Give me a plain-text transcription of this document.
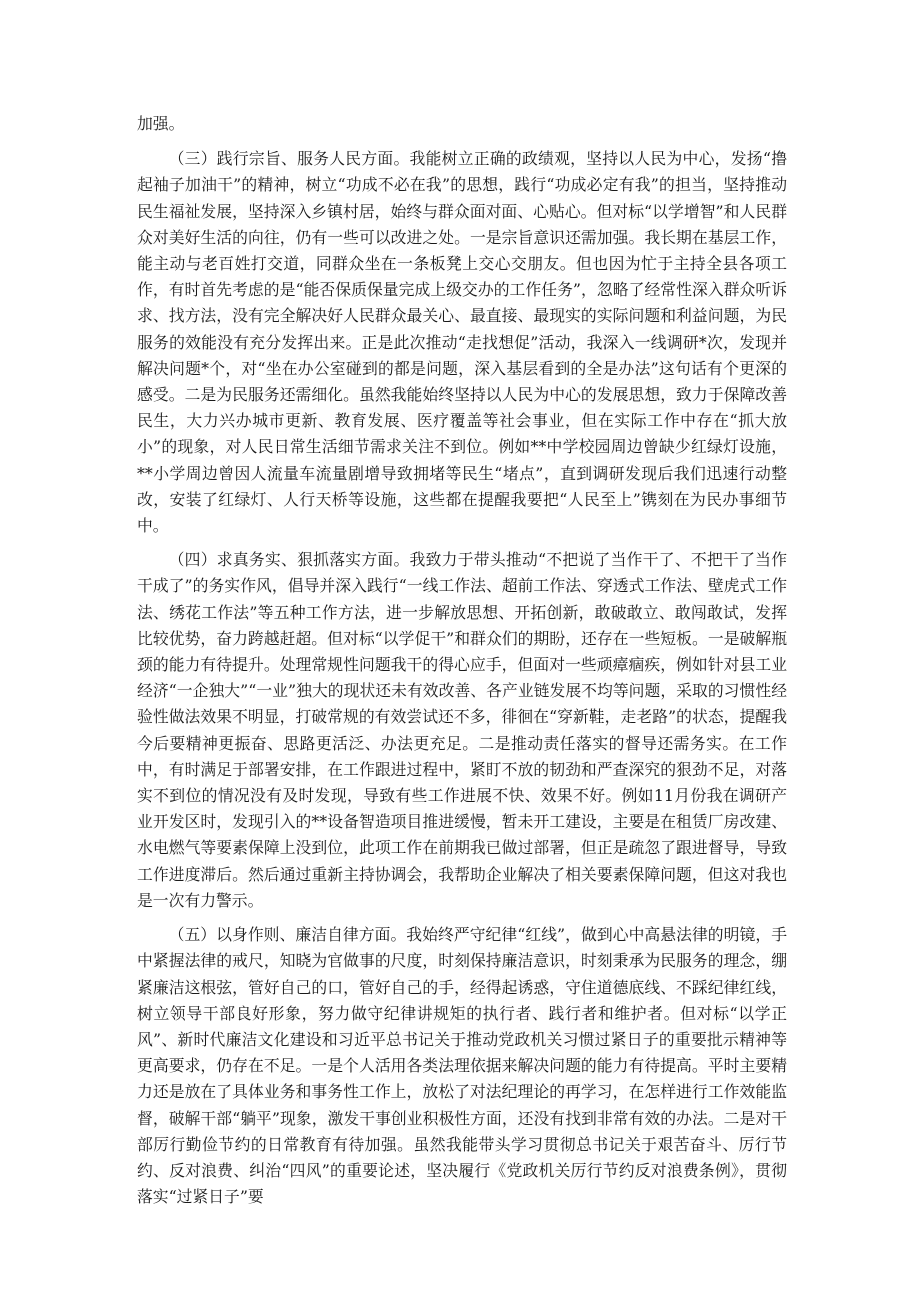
加强。

（三）践行宗旨、服务人民方面。我能树立正确的政绩观，坚持以人民为中心，发扬“撸起袖子加油干”的精神，树立“功成不必在我”的思想，践行“功成必定有我”的担当，坚持推动民生福祉发展，坚持深入乡镇村居，始终与群众面对面、心贴心。但对标“以学增智”和人民群众对美好生活的向往，仍有一些可以改进之处。一是宗旨意识还需加强。我长期在基层工作，能主动与老百姓打交道，同群众坐在一条板凳上交心交朋友。但也因为忙于主持全县各项工作，有时首先考虑的是“能否保质保量完成上级交办的工作任务”，忽略了经常性深入群众听诉求、找方法，没有完全解决好人民群众最关心、最直接、最现实的实际问题和利益问题，为民服务的效能没有充分发挥出来。正是此次推动“走找想促”活动，我深入一线调研*次，发现并解决问题*个，对“坐在办公室碰到的都是问题，深入基层看到的全是办法”这句话有个更深的感受。二是为民服务还需细化。虽然我能始终坚持以人民为中心的发展思想，致力于保障改善民生，大力兴办城市更新、教育发展、医疗覆盖等社会事业，但在实际工作中存在“抓大放小”的现象，对人民日常生活细节需求关注不到位。例如**中学校园周边曾缺少红绿灯设施，**小学周边曾因人流量车流量剧增导致拥堵等民生“堵点”，直到调研发现后我们迅速行动整改，安装了红绿灯、人行天桥等设施，这些都在提醒我要把“人民至上”镌刻在为民办事细节中。

（四）求真务实、狠抓落实方面。我致力于带头推动“不把说了当作干了、不把干了当作干成了”的务实作风，倡导并深入践行“一线工作法、超前工作法、穿透式工作法、壁虎式工作法、绣花工作法”等五种工作方法，进一步解放思想、开拓创新，敢破敢立、敢闯敢试，发挥比较优势，奋力跨越赶超。但对标“以学促干”和群众们的期盼，还存在一些短板。一是破解瓶颈的能力有待提升。处理常规性问题我干的得心应手，但面对一些顽瘴痼疾，例如针对县工业经济“一企独大”“一业”独大的现状还未有效改善、各产业链发展不均等问题，采取的习惯性经验性做法效果不明显，打破常规的有效尝试还不多，徘徊在“穿新鞋，走老路”的状态，提醒我今后要精神更振奋、思路更活泛、办法更充足。二是推动责任落实的督导还需务实。在工作中，有时满足于部署安排，在工作跟进过程中，紧盯不放的韧劲和严查深究的狠劲不足，对落实不到位的情况没有及时发现，导致有些工作进展不快、效果不好。例如11月份我在调研产业开发区时，发现引入的**设备智造项目推进缓慢，暂未开工建设，主要是在租赁厂房改建、水电燃气等要素保障上没到位，此项工作在前期我已做过部署，但正是疏忽了跟进督导，导致工作进度滞后。然后通过重新主持协调会，我帮助企业解决了相关要素保障问题，但这对我也是一次有力警示。

（五）以身作则、廉洁自律方面。我始终严守纪律“红线”，做到心中高悬法律的明镜，手中紧握法律的戒尺，知晓为官做事的尺度，时刻保持廉洁意识，时刻秉承为民服务的理念，绷紧廉洁这根弦，管好自己的口，管好自己的手，经得起诱惑，守住道德底线、不踩纪律红线，树立领导干部良好形象，努力做守纪律讲规矩的执行者、践行者和维护者。但对标“以学正风”、新时代廉洁文化建设和习近平总书记关于推动党政机关习惯过紧日子的重要批示精神等更高要求，仍存在不足。一是个人活用各类法理依据来解决问题的能力有待提高。平时主要精力还是放在了具体业务和事务性工作上，放松了对法纪理论的再学习，在怎样进行工作效能监督，破解干部“躺平”现象，激发干事创业积极性方面，还没有找到非常有效的办法。二是对干部厉行勤俭节约的日常教育有待加强。虽然我能带头学习贯彻总书记关于艰苦奋斗、厉行节约、反对浪费、纠治“四风”的重要论述，坚决履行《党政机关厉行节约反对浪费条例》，贯彻落实“过紧日子”要
